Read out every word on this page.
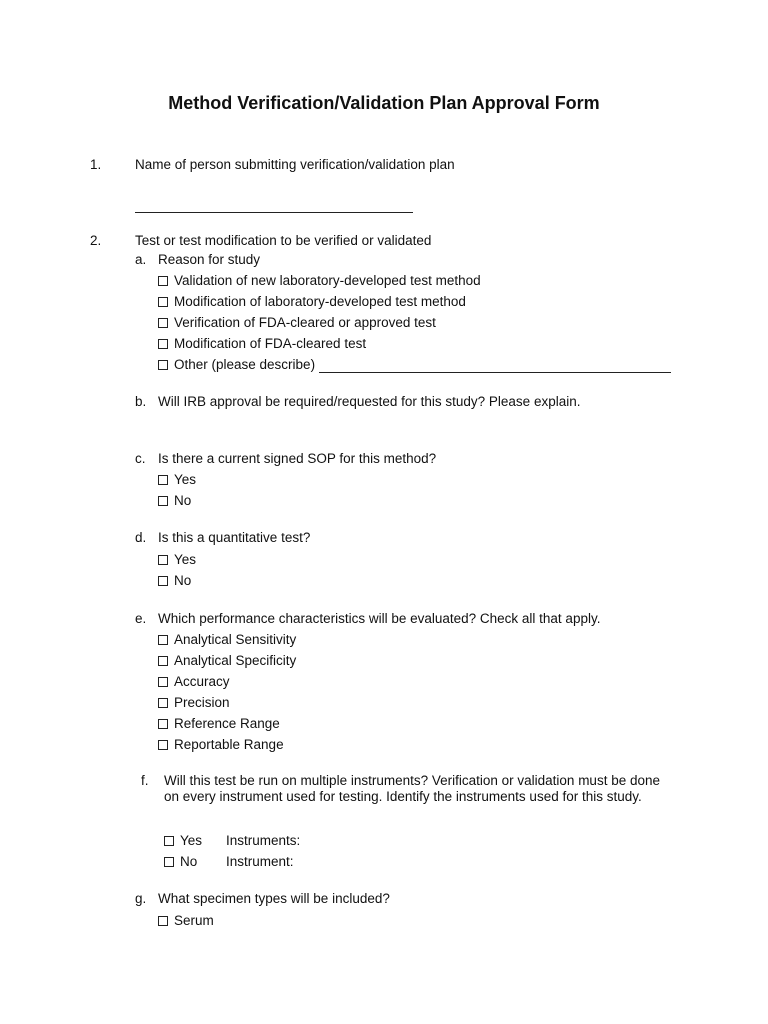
Method Verification/Validation Plan Approval Form
1. Name of person submitting verification/validation plan
2. Test or test modification to be verified or validated
a. Reason for study
Validation of new laboratory-developed test method
Modification of laboratory-developed test method
Verification of FDA-cleared or approved test
Modification of FDA-cleared test
Other (please describe)
b. Will IRB approval be required/requested for this study? Please explain.
c. Is there a current signed SOP for this method?
Yes
No
d. Is this a quantitative test?
Yes
No
e. Which performance characteristics will be evaluated? Check all that apply.
Analytical Sensitivity
Analytical Specificity
Accuracy
Precision
Reference Range
Reportable Range
f. Will this test be run on multiple instruments? Verification or validation must be done on every instrument used for testing. Identify the instruments used for this study.
Yes Instruments:
No Instrument:
g. What specimen types will be included?
Serum
